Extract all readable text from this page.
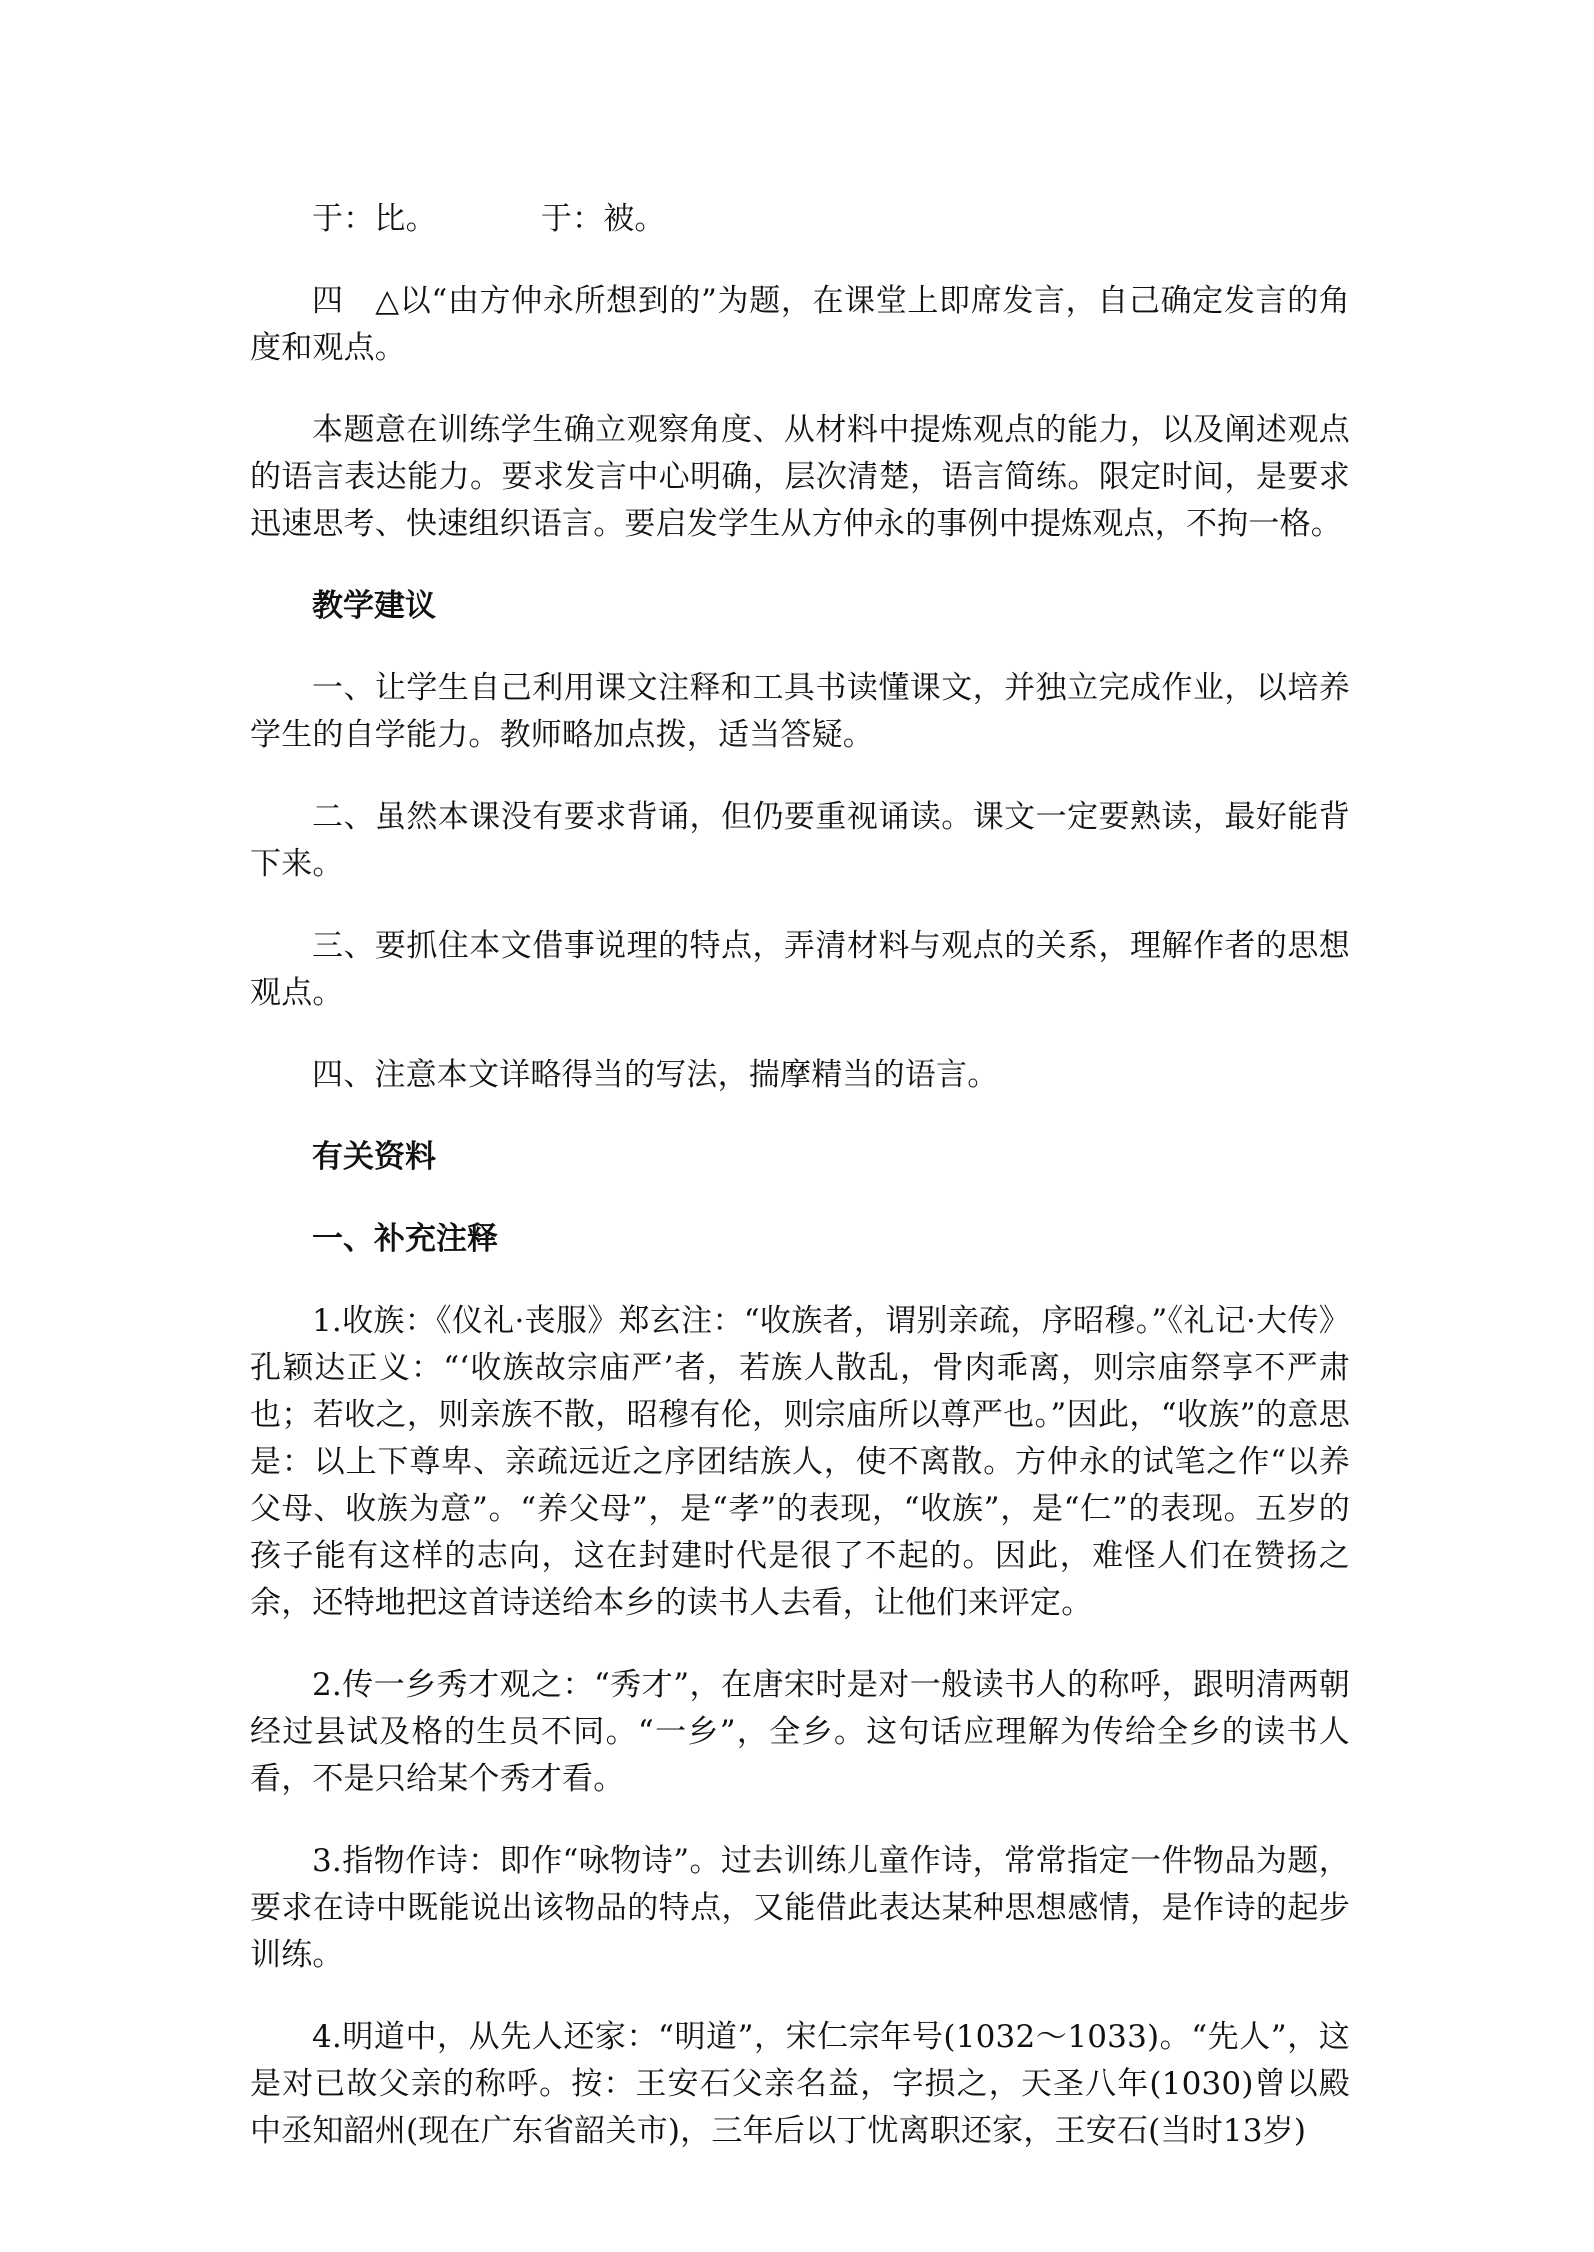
于：比。	于：被。

四　△以“由方仲永所想到的”为题，在课堂上即席发言，自己确定发言的角度和观点。

本题意在训练学生确立观察角度、从材料中提炼观点的能力，以及阐述观点的语言表达能力。要求发言中心明确，层次清楚，语言简练。限定时间，是要求迅速思考、快速组织语言。要启发学生从方仲永的事例中提炼观点，不拘一格。

教学建议

一、让学生自己利用课文注释和工具书读懂课文，并独立完成作业，以培养学生的自学能力。教师略加点拨，适当答疑。

二、虽然本课没有要求背诵，但仍要重视诵读。课文一定要熟读，最好能背下来。

三、要抓住本文借事说理的特点，弄清材料与观点的关系，理解作者的思想观点。

四、注意本文详略得当的写法，揣摩精当的语言。

有关资料
一、补充注释

1.收族：《仪礼·丧服》郑玄注：“收族者，谓别亲疏，序昭穆。”《礼记·大传》孔颖达正义：“‘收族故宗庙严’者，若族人散乱，骨肉乖离，则宗庙祭享不严肃也；若收之，则亲族不散，昭穆有伦，则宗庙所以尊严也。”因此，“收族”的意思是：以上下尊卑、亲疏远近之序团结族人，使不离散。方仲永的试笔之作“以养父母、收族为意”。“养父母”，是“孝”的表现，“收族”，是“仁”的表现。五岁的孩子能有这样的志向，这在封建时代是很了不起的。因此，难怪人们在赞扬之余，还特地把这首诗送给本乡的读书人去看，让他们来评定。

2.传一乡秀才观之：“秀才”，在唐宋时是对一般读书人的称呼，跟明清两朝经过县试及格的生员不同。“一乡”，全乡。这句话应理解为传给全乡的读书人看，不是只给某个秀才看。

3.指物作诗：即作“咏物诗”。过去训练儿童作诗，常常指定一件物品为题，要求在诗中既能说出该物品的特点，又能借此表达某种思想感情，是作诗的起步训练。

4.明道中，从先人还家：“明道”，宋仁宗年号(1032～1033)。“先人”，这是对已故父亲的称呼。按：王安石父亲名益，字损之，天圣八年(1030)曾以殿中丞知韶州(现在广东省韶关市)，三年后以丁忧离职还家，王安石(当时13岁)
